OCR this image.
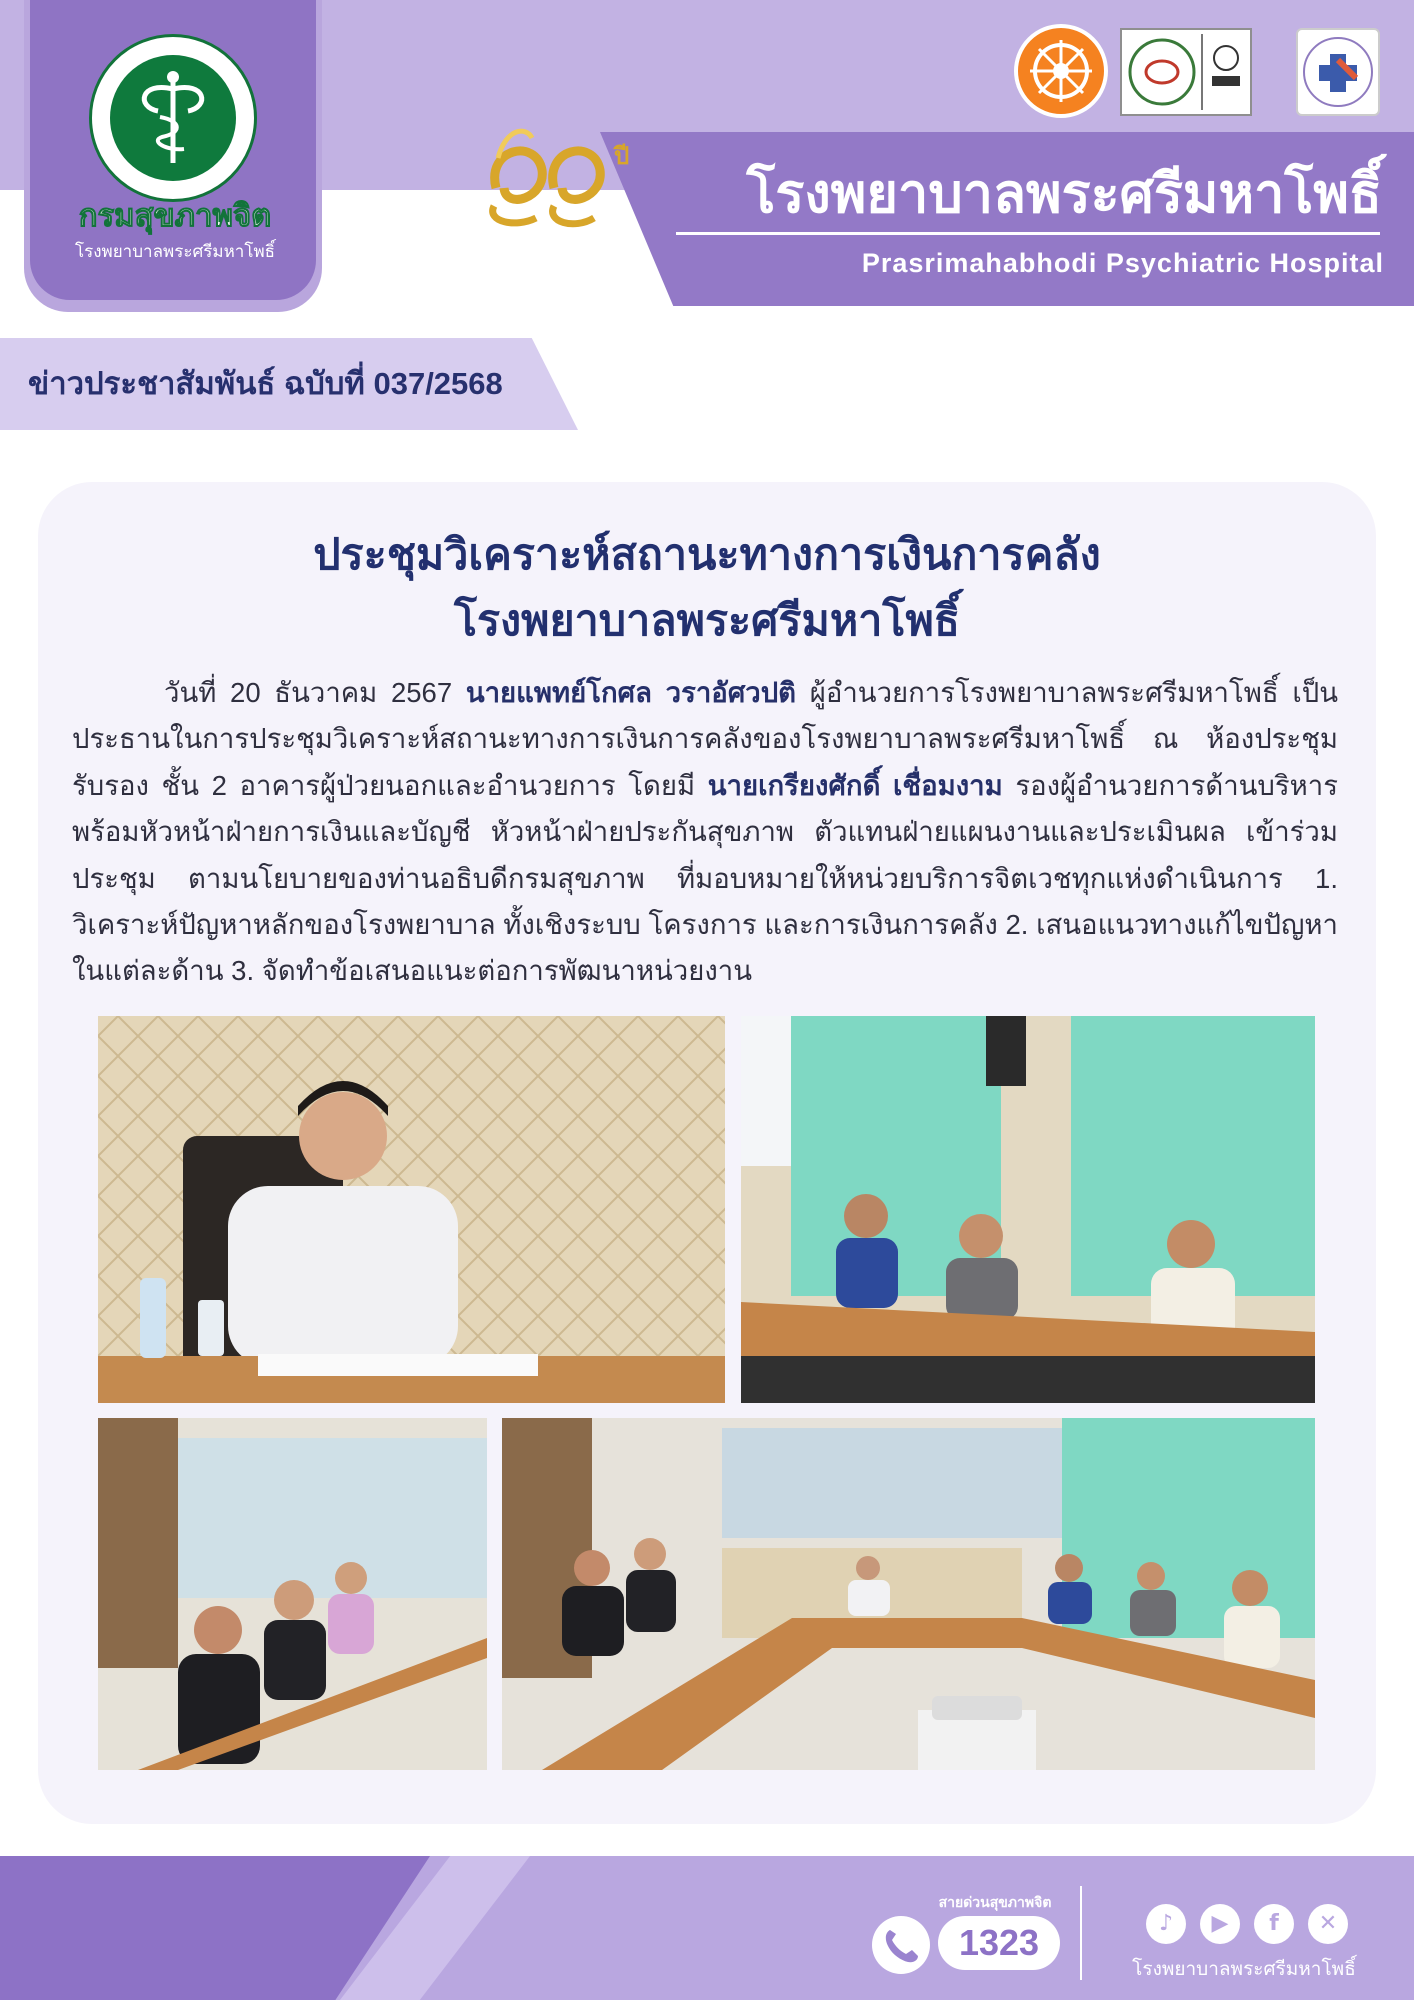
กรมสุขภาพจิต
โรงพยาบาลพระศรีมหาโพธิ์
ปี
โรงพยาบาลพระศรีมหาโพธิ์
Prasrimahabhodi Psychiatric Hospital
ข่าวประชาสัมพันธ์ ฉบับที่ 037/2568
ประชุมวิเคราะห์สถานะทางการเงินการคลัง
โรงพยาบาลพระศรีมหาโพธิ์

วันที่ 20 ธันวาคม 2567 นายแพทย์โกศล วราอัศวปติ ผู้อำนวยการโรงพยาบาลพระศรีมหาโพธิ์ เป็นประธานในการประชุมวิเคราะห์สถานะทางการเงินการคลังของโรงพยาบาลพระศรีมหาโพธิ์ ณ ห้องประชุมรับรอง ชั้น 2 อาคารผู้ป่วยนอกและอำนวยการ โดยมี นายเกรียงศักดิ์ เชื่อมงาม รองผู้อำนวยการด้านบริหาร พร้อมหัวหน้าฝ่ายการเงินและบัญชี หัวหน้าฝ่ายประกันสุขภาพ ตัวแทนฝ่ายแผนงานและประเมินผล เข้าร่วมประชุม ตามนโยบายของท่านอธิบดีกรมสุขภาพ ที่มอบหมายให้หน่วยบริการจิตเวชทุกแห่งดำเนินการ 1. วิเคราะห์ปัญหาหลักของโรงพยาบาล ทั้งเชิงระบบ โครงการ และการเงินการคลัง 2. เสนอแนวทางแก้ไขปัญหาในแต่ละด้าน 3. จัดทำข้อเสนอแนะต่อการพัฒนาหน่วยงาน

สายด่วนสุขภาพจิต
1323	♪	▶	f	✕
โรงพยาบาลพระศรีมหาโพธิ์
